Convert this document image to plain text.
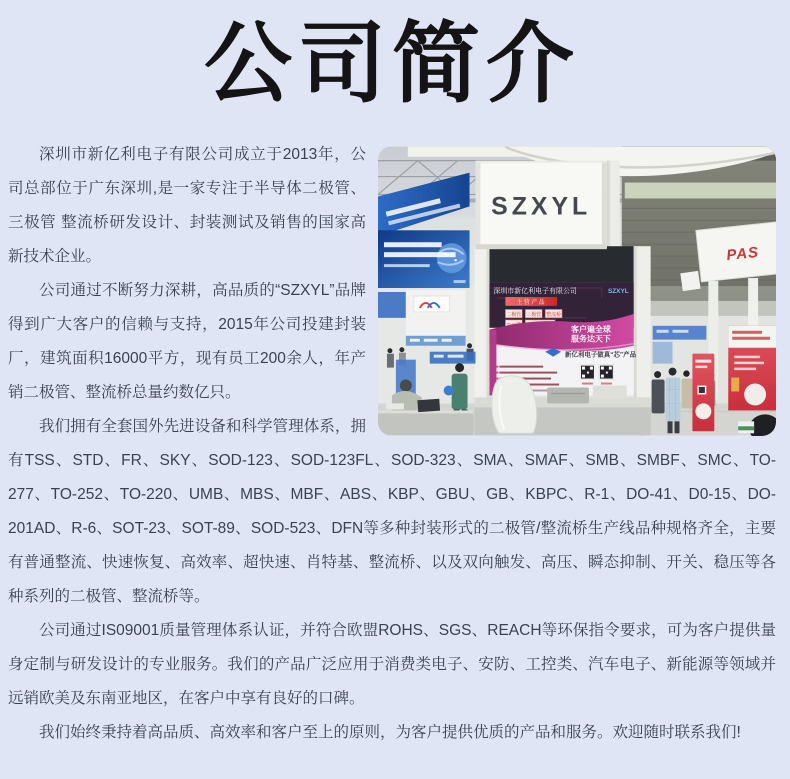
公司简介
SZXYL
深圳市新亿利电子有限公司	SZXYL
主营产品
二极管 三极管 整流桥
客户遍全球
服务达天下
新亿利电子做真“芯”产品
PAS

深圳市新亿利电子有限公司成立于2013年，公司总部位于广东深圳,是一家专注于半导体二极管、三极管 整流桥研发设计、封装测试及销售的国家高新技术企业。

公司通过不断努力深耕，高品质的“SZXYL”品牌得到广大客户的信赖与支持，2015年公司投建封装厂，建筑面积16000平方，现有员工200余人，年产销二极管、整流桥总量约数亿只。

我们拥有全套国外先进设备和科学管理体系，拥有TSS、STD、FR、SKY、SOD-123、SOD-123FL、SOD-323、SMA、SMAF、SMB、SMBF、SMC、TO-277、TO-252、TO-220、UMB、MBS、MBF、ABS、KBP、GBU、GB、KBPC、R-1、DO-41、D0-15、DO-201AD、R-6、SOT-23、SOT-89、SOD-523、DFN等多种封装形式的二极管/整流桥生产线品种规格齐全，主要有普通整流、快速恢复、高效率、超快速、肖特基、整流桥、以及双向触发、高压、瞬态抑制、开关、稳压等各种系列的二极管、整流桥等。

公司通过IS09001质量管理体系认证，并符合欧盟ROHS、SGS、REACH等环保指令要求，可为客户提供量身定制与研发设计的专业服务。我们的产品广泛应用于消费类电子、安防、工控类、汽车电子、新能源等领域并远销欧美及东南亚地区，在客户中享有良好的口碑。

我们始终秉持着高品质、高效率和客户至上的原则，为客户提供优质的产品和服务。欢迎随时联系我们!
